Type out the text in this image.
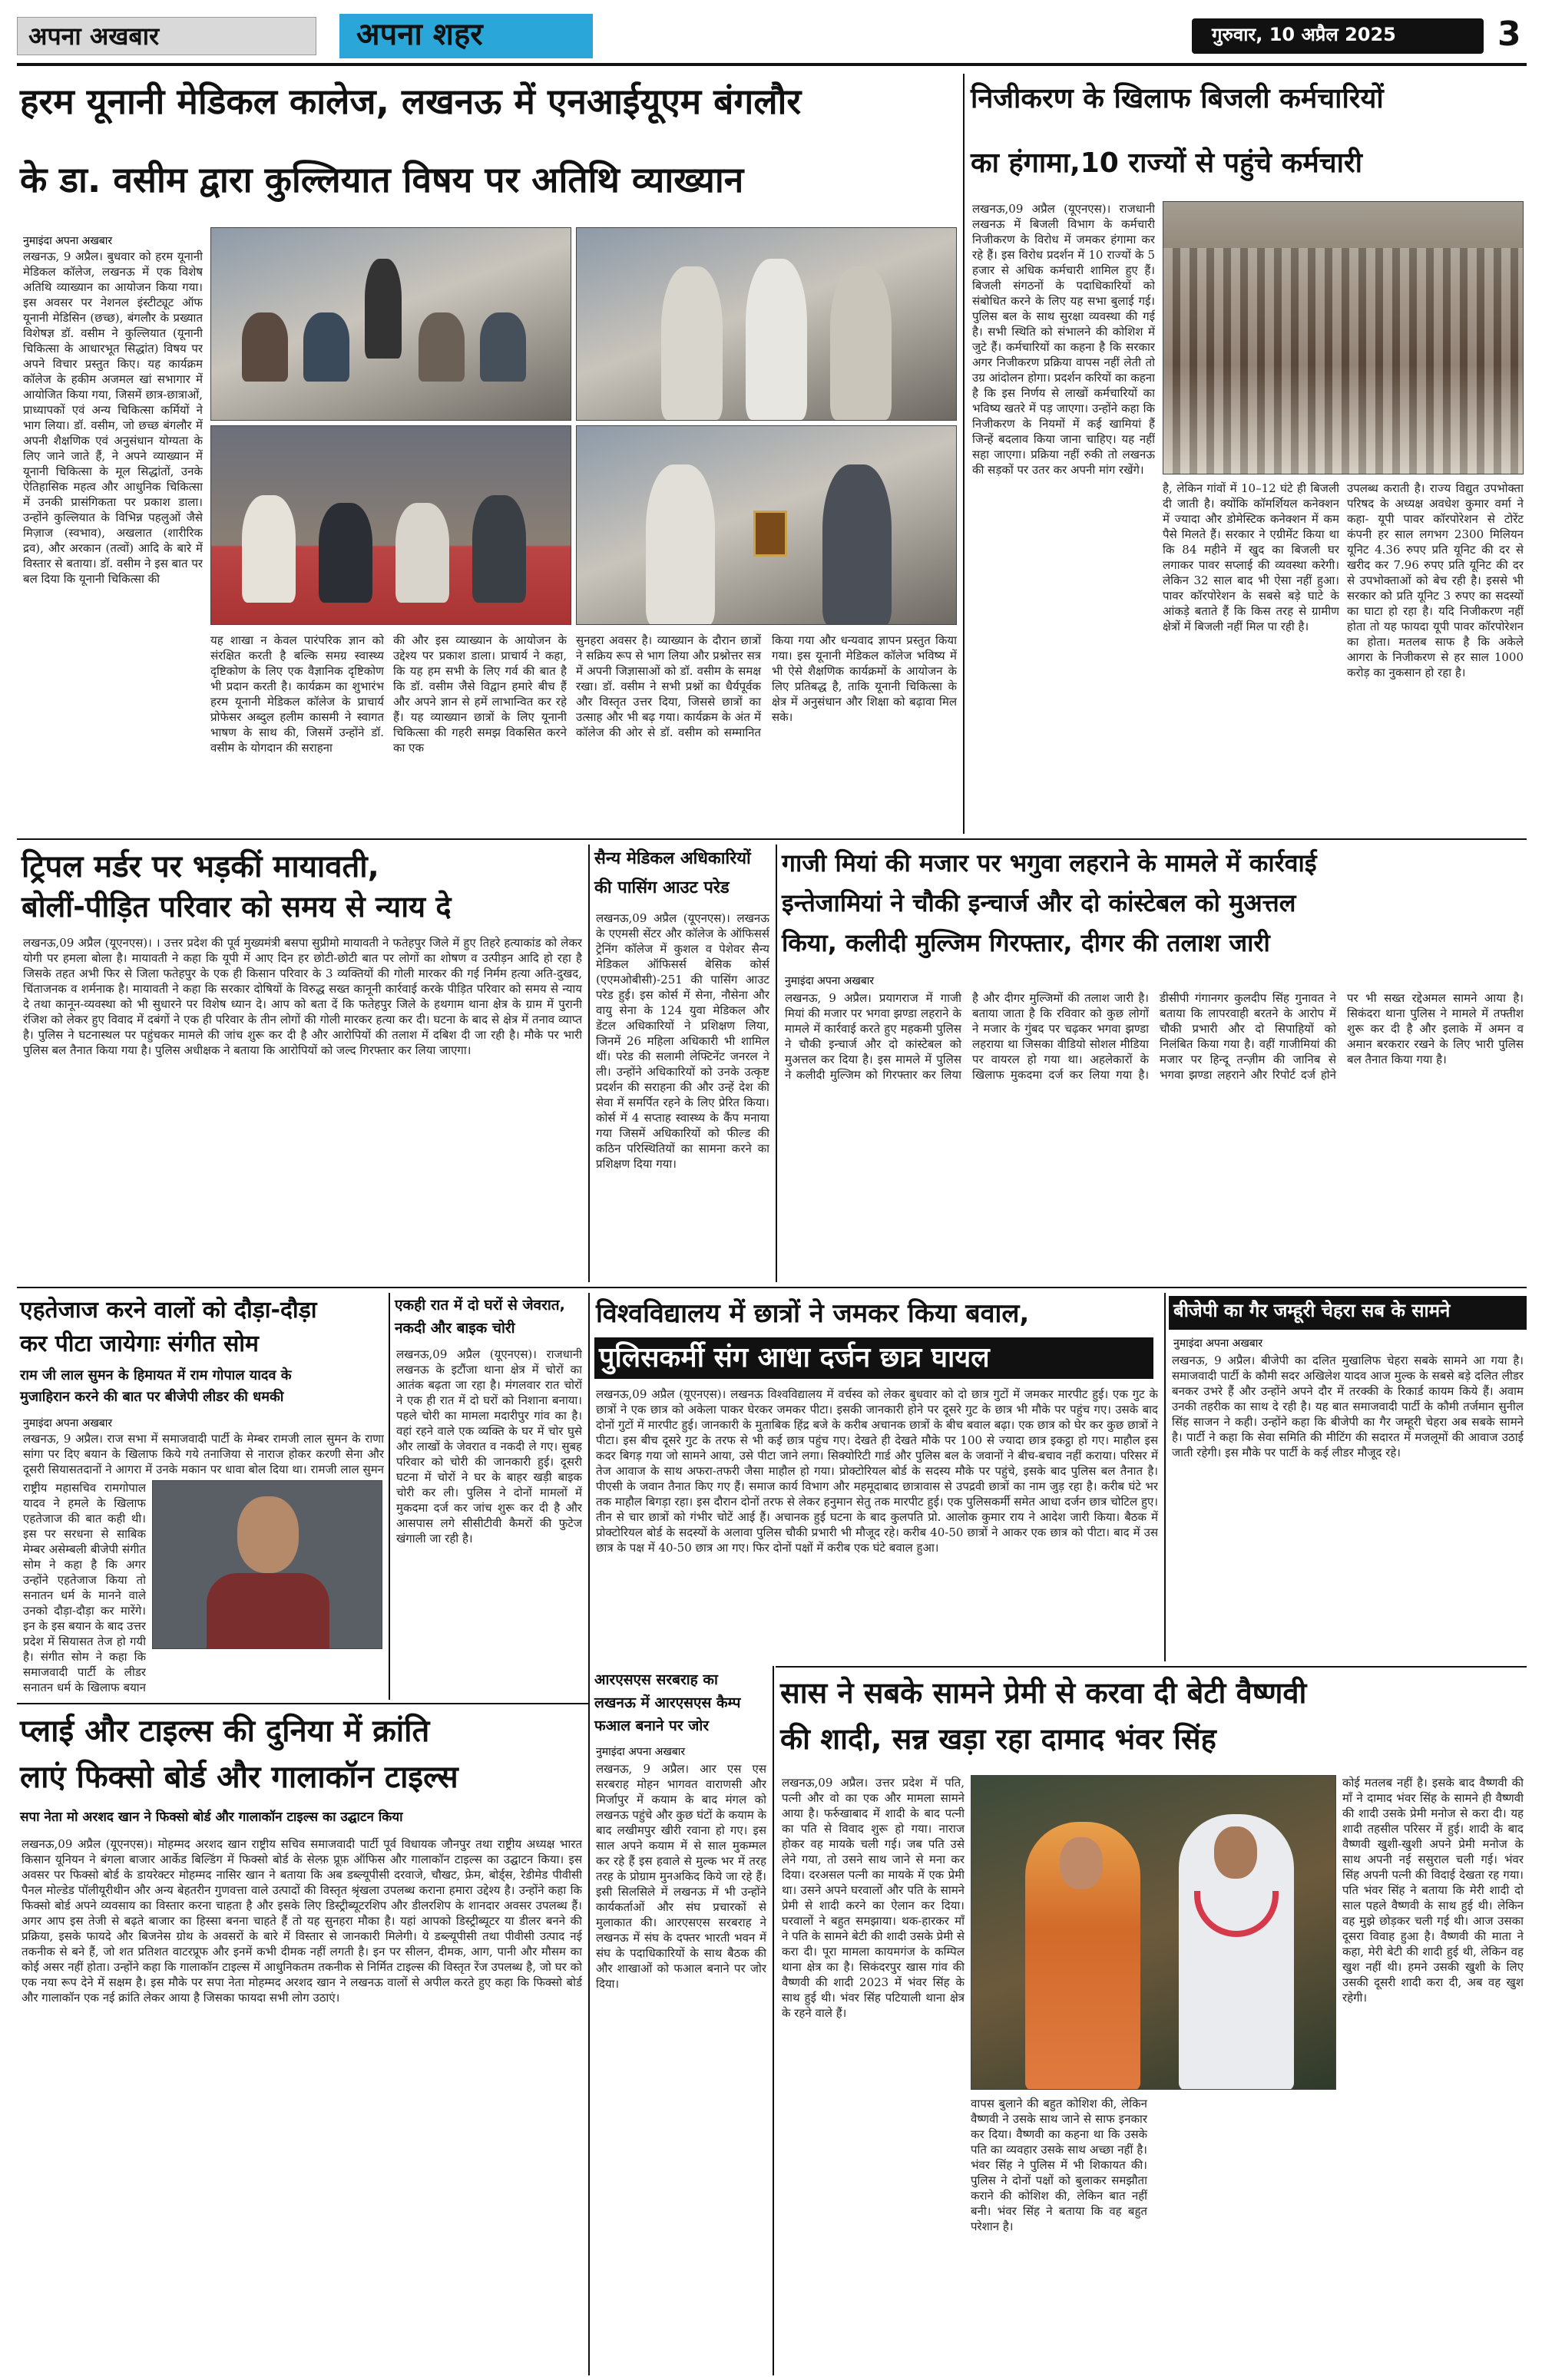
अपना अखबार	अपना शहर	गुरुवार, 10 अप्रैल 2025	3
हरम यूनानी मेडिकल कालेज, लखनऊ में एनआईयूएम बंगलौर
के डा. वसीम द्वारा कुल्लियात विषय पर अतिथि व्याख्यान
नुमाइंदा अपना अखबार
लखनऊ, 9 अप्रैल। बुधवार को हरम यूनानी मेडिकल कॉलेज, लखनऊ में एक विशेष अतिथि व्याख्यान का आयोजन किया गया। इस अवसर पर नेशनल इंस्टीट्यूट ऑफ यूनानी मेडिसिन (छच्छ), बंगलौर के प्रख्यात विशेषज्ञ डॉ. वसीम ने कुल्लियात (यूनानी चिकित्सा के आधारभूत सिद्धांत) विषय पर अपने विचार प्रस्तुत किए। यह कार्यक्रम कॉलेज के हकीम अजमल खां सभागार में आयोजित किया गया, जिसमें छात्र-छात्राओं, प्राध्यापकों एवं अन्य चिकित्सा कर्मियों ने भाग लिया। डॉ. वसीम, जो छच्छ बंगलौर में अपनी शैक्षणिक एवं अनुसंधान योग्यता के लिए जाने जाते हैं, ने अपने व्याख्यान में यूनानी चिकित्सा के मूल सिद्धांतों, उनके ऐतिहासिक महत्व और आधुनिक चिकित्सा में उनकी प्रासंगिकता पर प्रकाश डाला। उन्होंने कुल्लियात के विभिन्न पहलुओं जैसे मिज़ाज (स्वभाव), अखलात (शारीरिक द्रव), और अरकान (तत्वों) आदि के बारे में विस्तार से बताया। डॉ. वसीम ने इस बात पर बल दिया कि यूनानी चिकित्सा की
यह शाखा न केवल पारंपरिक ज्ञान को संरक्षित करती है बल्कि समग्र स्वास्थ्य दृष्टिकोण के लिए एक वैज्ञानिक दृष्टिकोण भी प्रदान करती है। कार्यक्रम का शुभारंभ हरम यूनानी मेडिकल कॉलेज के प्राचार्य प्रोफेसर अब्दुल हलीम कासमी ने स्वागत भाषण के साथ की, जिसमें उन्होंने डॉ. वसीम के योगदान की सराहना
की और इस व्याख्यान के आयोजन के उद्देश्य पर प्रकाश डाला। प्राचार्य ने कहा, कि यह हम सभी के लिए गर्व की बात है कि डॉ. वसीम जैसे विद्वान हमारे बीच हैं और अपने ज्ञान से हमें लाभान्वित कर रहे हैं। यह व्याख्यान छात्रों के लिए यूनानी चिकित्सा की गहरी समझ विकसित करने का एक
सुनहरा अवसर है। व्याख्यान के दौरान छात्रों ने सक्रिय रूप से भाग लिया और प्रश्नोत्तर सत्र में अपनी जिज्ञासाओं को डॉ. वसीम के समक्ष रखा। डॉ. वसीम ने सभी प्रश्नों का धैर्यपूर्वक और विस्तृत उत्तर दिया, जिससे छात्रों का उत्साह और भी बढ़ गया। कार्यक्रम के अंत में कॉलेज की ओर से डॉ. वसीम को सम्मानित किया गया और धन्यवाद ज्ञापन प्रस्तुत किया गया। इस यूनानी मेडिकल कॉलेज भविष्य में भी ऐसे शैक्षणिक कार्यक्रमों के आयोजन के लिए प्रतिबद्ध है, ताकि यूनानी चिकित्सा के क्षेत्र में अनुसंधान और शिक्षा को बढ़ावा मिल सके।
निजीकरण के खिलाफ बिजली कर्मचारियों
का हंगामा,10 राज्यों से पहुंचे कर्मचारी
लखनऊ,09 अप्रैल (यूएनएस)। राजधानी लखनऊ में बिजली विभाग के कर्मचारी निजीकरण के विरोध में जमकर हंगामा कर रहे हैं। इस विरोध प्रदर्शन में 10 राज्यों के 5 हजार से अधिक कर्मचारी शामिल हुए हैं। बिजली संगठनों के पदाधिकारियों को संबोधित करने के लिए यह सभा बुलाई गई। पुलिस बल के साथ सुरक्षा व्यवस्था की गई है। सभी स्थिति को संभालने की कोशिश में जुटे हैं। कर्मचारियों का कहना है कि सरकार अगर निजीकरण प्रक्रिया वापस नहीं लेती तो उग्र आंदोलन होगा। प्रदर्शन करियों का कहना है कि इस निर्णय से लाखों कर्मचारियों का भविष्य खतरे में पड़ जाएगा। उन्होंने कहा कि निजीकरण के नियमों में कई खामियां हैं जिन्हें बदलाव किया जाना चाहिए। यह नहीं सहा जाएगा। प्रक्रिया नहीं रुकी तो लखनऊ की सड़कों पर उतर कर अपनी मांग रखेंगे।
है, लेकिन गांवों में 10–12 घंटे ही बिजली दी जाती है। क्योंकि कॉमर्शियल कनेक्शन में ज्यादा और डोमेस्टिक कनेक्शन में कम पैसे मिलते हैं। सरकार ने एग्रीमेंट किया था कि 84 महीने में खुद का बिजली घर लगाकर पावर सप्लाई की व्यवस्था करेगी। लेकिन 32 साल बाद भी ऐसा नहीं हुआ। पावर कॉरपोरेशन के सबसे बड़े घाटे के आंकड़े बताते हैं कि किस तरह से ग्रामीण क्षेत्रों में बिजली नहीं मिल पा रही है।
उपलब्ध कराती है। राज्य विद्युत उपभोक्ता परिषद के अध्यक्ष अवधेश कुमार वर्मा ने कहा- यूपी पावर कॉरपोरेशन से टोरेंट कंपनी हर साल लगभग 2300 मिलियन यूनिट 4.36 रुपए प्रति यूनिट की दर से खरीद कर 7.96 रुपए प्रति यूनिट की दर से उपभोक्ताओं को बेच रही है। इससे भी सरकार को प्रति यूनिट 3 रुपए का सदस्यों का घाटा हो रहा है। यदि निजीकरण नहीं होता तो यह फायदा यूपी पावर कॉरपोरेशन का होता। मतलब साफ है कि अकेले आगरा के निजीकरण से हर साल 1000 करोड़ का नुकसान हो रहा है।
ट्रिपल मर्डर पर भड़कीं मायावती,
बोलीं-पीड़ित परिवार को समय से न्याय दे
लखनऊ,09 अप्रैल (यूएनएस)। । उत्तर प्रदेश की पूर्व मुख्यमंत्री बसपा सुप्रीमो मायावती ने फतेहपुर जिले में हुए तिहरे हत्याकांड को लेकर योगी पर हमला बोला है। मायावती ने कहा कि यूपी में आए दिन हर छोटी-छोटी बात पर लोगों का शोषण व उत्पीड़न आदि हो रहा है जिसके तहत अभी फिर से जिला फतेहपुर के एक ही किसान परिवार के 3 व्यक्तियों की गोली मारकर की गई निर्मम हत्या अति-दुखद, चिंताजनक व शर्मनाक है। मायावती ने कहा कि सरकार दोषियों के विरुद्ध सख्त कानूनी कार्रवाई करके पीड़ित परिवार को समय से न्याय दे तथा कानून-व्यवस्था को भी सुधारने पर विशेष ध्यान दे। आप को बता दें कि फतेहपुर जिले के हथगाम थाना क्षेत्र के ग्राम में पुरानी रंजिश को लेकर हुए विवाद में दबंगों ने एक ही परिवार के तीन लोगों की गोली मारकर हत्या कर दी। घटना के बाद से क्षेत्र में तनाव व्याप्त है। पुलिस ने घटनास्थल पर पहुंचकर मामले की जांच शुरू कर दी है और आरोपियों की तलाश में दबिश दी जा रही है। मौके पर भारी पुलिस बल तैनात किया गया है। पुलिस अधीक्षक ने बताया कि आरोपियों को जल्द गिरफ्तार कर लिया जाएगा।
सैन्य मेडिकल अधिकारियों
की पासिंग आउट परेड
लखनऊ,09 अप्रैल (यूएनएस)। लखनऊ के एएमसी सेंटर और कॉलेज के ऑफिसर्स ट्रेनिंग कॉलेज में कुशल व पेशेवर सैन्य मेडिकल ऑफिसर्स बेसिक कोर्स (एएमओबीसी)-251 की पासिंग आउट परेड हुई। इस कोर्स में सेना, नौसेना और वायु सेना के 124 युवा मेडिकल और डेंटल अधिकारियों ने प्रशिक्षण लिया, जिनमें 26 महिला अधिकारी भी शामिल थीं। परेड की सलामी लेफ्टिनेंट जनरल ने ली। उन्होंने अधिकारियों को उनके उत्कृष्ट प्रदर्शन की सराहना की और उन्हें देश की सेवा में समर्पित रहने के लिए प्रेरित किया। कोर्स में 4 सप्ताह स्वास्थ्य के कैंप मनाया गया जिसमें अधिकारियों को फील्ड की कठिन परिस्थितियों का सामना करने का प्रशिक्षण दिया गया।
गाजी मियां की मजार पर भगुवा लहराने के मामले में कार्रवाई
इन्तेजामियां ने चौकी इन्चार्ज और दो कांस्टेबल को मुअत्तल
किया, कलीदी मुल्जिम गिरफ्तार, दीगर की तलाश जारी
नुमाइंदा अपना अखबार
लखनऊ, 9 अप्रैल। प्रयागराज में गाजी मियां की मजार पर भगवा झण्डा लहराने के मामले में कार्रवाई करते हुए महकमी पुलिस ने चौकी इन्चार्ज और दो कांस्टेबल को मुअत्तल कर दिया है। इस मामले में पुलिस ने कलीदी मुल्जिम को गिरफ्तार कर लिया है और दीगर मुल्जिमों की तलाश जारी है। बताया जाता है कि रविवार को कुछ लोगों ने मजार के गुंबद पर चढ़कर भगवा झण्डा लहराया था जिसका वीडियो सोशल मीडिया पर वायरल हो गया था। अहलेकारों के खिलाफ मुकदमा दर्ज कर लिया गया है। डीसीपी गंगानगर कुलदीप सिंह गुनावत ने बताया कि लापरवाही बरतने के आरोप में चौकी प्रभारी और दो सिपाहियों को निलंबित किया गया है। वहीं गाजीमियां की मजार पर हिन्दू तन्ज़ीम की जानिब से भगवा झण्डा लहराने और रिपोर्ट दर्ज होने पर भी सख्त रद्देअमल सामने आया है। सिकंदरा थाना पुलिस ने मामले में तफ्तीश शुरू कर दी है और इलाके में अमन व अमान बरकरार रखने के लिए भारी पुलिस बल तैनात किया गया है।
एहतेजाज करने वालों को दौड़ा-दौड़ा
कर पीटा जायेगाः संगीत सोम
राम जी लाल सुमन के हिमायत में राम गोपाल यादव के
मुजाहिरान करने की बात पर बीजेपी लीडर की धमकी
नुमाइंदा अपना अखबार
लखनऊ, 9 अप्रैल। राज सभा में समाजवादी पार्टी के मेम्बर रामजी लाल सुमन के राणा सांगा पर दिए बयान के खिलाफ किये गये तनाजिया से नाराज होकर करणी सेना और दूसरी सियासतदानों ने आगरा में उनके मकान पर धावा बोल दिया था। रामजी लाल सुमन
राष्ट्रीय महासचिव रामगोपाल यादव ने हमले के खिलाफ एहतेजाज की बात कही थी। इस पर सरधना से साबिक मेम्बर असेम्बली बीजेपी संगीत सोम ने कहा है कि अगर उन्होंने एहतेजाज किया तो सनातन धर्म के मानने वाले उनको दौड़ा-दौड़ा कर मारेंगे। इन के इस बयान के बाद उत्तर प्रदेश में सियासत तेज हो गयी है। संगीत सोम ने कहा कि समाजवादी पार्टी के लीडर सनातन धर्म के खिलाफ बयान
एकही रात में दो घरों से जेवरात,
नकदी और बाइक चोरी
लखनऊ,09 अप्रैल (यूएनएस)। राजधानी लखनऊ के इटौंजा थाना क्षेत्र में चोरों का आतंक बढ़ता जा रहा है। मंगलवार रात चोरों ने एक ही रात में दो घरों को निशाना बनाया। पहले चोरी का मामला मदारीपुर गांव का है। वहां रहने वाले एक व्यक्ति के घर में चोर घुसे और लाखों के जेवरात व नकदी ले गए। सुबह परिवार को चोरी की जानकारी हुई। दूसरी घटना में चोरों ने घर के बाहर खड़ी बाइक चोरी कर ली। पुलिस ने दोनों मामलों में मुकदमा दर्ज कर जांच शुरू कर दी है और आसपास लगे सीसीटीवी कैमरों की फुटेज खंगाली जा रही है।
विश्वविद्यालय में छात्रों ने जमकर किया बवाल,
पुलिसकर्मी संग आधा दर्जन छात्र घायल
लखनऊ,09 अप्रैल (यूएनएस)। लखनऊ विश्वविद्यालय में वर्चस्व को लेकर बुधवार को दो छात्र गुटों में जमकर मारपीट हुई। एक गुट के छात्रों ने एक छात्र को अकेला पाकर घेरकर जमकर पीटा। इसकी जानकारी होने पर दूसरे गुट के छात्र भी मौके पर पहुंच गए। उसके बाद दोनों गुटों में मारपीट हुई। जानकारी के मुताबिक हिंद्र बजे के करीब अचानक छात्रों के बीच बवाल बढ़ा। एक छात्र को घेर कर कुछ छात्रों ने पीटा। इस बीच दूसरे गुट के तरफ से भी कई छात्र पहुंच गए। देखते ही देखते मौके पर 100 से ज्यादा छात्र इकट्ठा हो गए। माहौल इस कदर बिगड़ गया जो सामने आया, उसे पीटा जाने लगा। सिक्योरिटी गार्ड और पुलिस बल के जवानों ने बीच-बचाव नहीं कराया। परिसर में तेज आवाज के साथ अफरा-तफरी जैसा माहौल हो गया। प्रोक्टोरियल बोर्ड के सदस्य मौके पर पहुंचे, इसके बाद पुलिस बल तैनात है। पीएसी के जवान तैनात किए गए हैं। समाज कार्य विभाग और महमूदाबाद छात्रावास से उपद्रवी छात्रों का नाम जुड़ रहा है। करीब घंटे भर तक माहौल बिगड़ा रहा। इस दौरान दोनों तरफ से लेकर हनुमान सेतु तक मारपीट हुई। एक पुलिसकर्मी समेत आधा दर्जन छात्र चोटिल हुए। तीन से चार छात्रों को गंभीर चोटें आई हैं। अचानक हुई घटना के बाद कुलपति प्रो. आलोक कुमार राय ने आदेश जारी किया। बैठक में प्रोक्टोरियल बोर्ड के सदस्यों के अलावा पुलिस चौकी प्रभारी भी मौजूद रहे। करीब 40-50 छात्रों ने आकर एक छात्र को पीटा। बाद में उस छात्र के पक्ष में 40-50 छात्र आ गए। फिर दोनों पक्षों में करीब एक घंटे बवाल हुआ।
बीजेपी का गैर जम्हूरी चेहरा सब के सामने
नुमाइंदा अपना अखबार
लखनऊ, 9 अप्रैल। बीजेपी का दलित मुखालिफ चेहरा सबके सामने आ गया है। समाजवादी पार्टी के कौमी सदर अखिलेश यादव आज मुल्क के सबसे बड़े दलित लीडर बनकर उभरे हैं और उन्होंने अपने दौर में तरक्की के रिकार्ड कायम किये हैं। अवाम उनकी तहरीक का साथ दे रही है। यह बात समाजवादी पार्टी के कौमी तर्जमान सुनील सिंह साजन ने कही। उन्होंने कहा कि बीजेपी का गैर जम्हूरी चेहरा अब सबके सामने है। पार्टी ने कहा कि सेवा समिति की मीटिंग की सदारत में मजलूमों की आवाज उठाई जाती रहेगी। इस मौके पर पार्टी के कई लीडर मौजूद रहे।
प्लाई और टाइल्स की दुनिया में क्रांति
लाएं फिक्सो बोर्ड और गालाकॉन टाइल्स
सपा नेता मो अरशद खान ने फिक्सो बोर्ड और गालाकॉन टाइल्स का उद्घाटन किया
लखनऊ,09 अप्रैल (यूएनएस)। मोहम्मद अरशद खान राष्ट्रीय सचिव समाजवादी पार्टी पूर्व विधायक जौनपुर तथा राष्ट्रीय अध्यक्ष भारत किसान यूनियन ने बंगला बाजार आर्केड बिल्डिंग में फिक्सो बोर्ड के सेल्फ़ प्रूफ़ ऑफिस और गालाकॉन टाइल्स का उद्घाटन किया। इस अवसर पर फिक्सो बोर्ड के डायरेक्टर मोहम्मद नासिर खान ने बताया कि अब डब्ल्यूपीसी दरवाजे, चौखट, फ्रेम, बोर्ड्स, रेडीमेड पीवीसी पैनल मोल्डेड पॉलीयूरीथीन और अन्य बेहतरीन गुणवत्ता वाले उत्पादों की विस्तृत श्रृंखला उपलब्ध कराना हमारा उद्देश्य है। उन्होंने कहा कि फिक्सो बोर्ड अपने व्यवसाय का विस्तार करना चाहता है और इसके लिए डिस्ट्रीब्यूटरशिप और डीलरशिप के शानदार अवसर उपलब्ध हैं। अगर आप इस तेजी से बढ़ते बाजार का हिस्सा बनना चाहते हैं तो यह सुनहरा मौका है। यहां आपको डिस्ट्रीब्यूटर या डीलर बनने की प्रक्रिया, इसके फायदे और बिजनेस ग्रोथ के अवसरों के बारे में विस्तार से जानकारी मिलेगी। ये डब्ल्यूपीसी तथा पीवीसी उत्पाद नई तकनीक से बने हैं, जो शत प्रतिशत वाटरप्रूफ और इनमें कभी दीमक नहीं लगती है। इन पर सीलन, दीमक, आग, पानी और मौसम का कोई असर नहीं होता। उन्होंने कहा कि गालाकॉन टाइल्स में आधुनिकतम तकनीक से निर्मित टाइल्स की विस्तृत रेंज उपलब्ध है, जो घर को एक नया रूप देने में सक्षम है। इस मौके पर सपा नेता मोहम्मद अरशद खान ने लखनऊ वालों से अपील करते हुए कहा कि फिक्सो बोर्ड और गालाकॉन एक नई क्रांति लेकर आया है जिसका फायदा सभी लोग उठाएं।
आरएसएस सरबराह का
लखनऊ में आरएसएस कैम्प
फआल बनाने पर जोर
नुमाइंदा अपना अखबार
लखनऊ, 9 अप्रैल। आर एस एस सरबराह मोहन भागवत वाराणसी और मिर्जापुर में कयाम के बाद मंगल को लखनऊ पहुंचे और कुछ घंटों के कयाम के बाद लखीमपुर खीरी रवाना हो गए। इस साल अपने कयाम में से साल मुकम्मल कर रहे हैं इस हवाले से मुल्क भर में तरह तरह के प्रोग्राम मुनअकिद किये जा रहे हैं। इसी सिलसिले में लखनऊ में भी उन्होंने कार्यकर्ताओं और संघ प्रचारकों से मुलाकात की। आरएसएस सरबराह ने लखनऊ में संघ के दफ्तर भारती भवन में संघ के पदाधिकारियों के साथ बैठक की और शाखाओं को फआल बनाने पर जोर दिया।
सास ने सबके सामने प्रेमी से करवा दी बेटी वैष्णवी
की शादी, सन्न खड़ा रहा दामाद भंवर सिंह
लखनऊ,09 अप्रैल। उत्तर प्रदेश में पति, पत्नी और वो का एक और मामला सामने आया है। फर्रुखाबाद में शादी के बाद पत्नी का पति से विवाद शुरू हो गया। नाराज होकर वह मायके चली गई। जब पति उसे लेने गया, तो उसने साथ जाने से मना कर दिया। दरअसल पत्नी का मायके में एक प्रेमी था। उसने अपने घरवालों और पति के सामने प्रेमी से शादी करने का ऐलान कर दिया। घरवालों ने बहुत समझाया। थक-हारकर माँ ने पति के सामने बेटी की शादी उसके प्रेमी से करा दी। पूरा मामला कायमगंज के कम्पिल थाना क्षेत्र का है। सिकंदरपुर खास गांव की वैष्णवी की शादी 2023 में भंवर सिंह के साथ हुई थी। भंवर सिंह पटियाली थाना क्षेत्र के रहने वाले हैं।
वापस बुलाने की बहुत कोशिश की, लेकिन वैष्णवी ने उसके साथ जाने से साफ इनकार कर दिया। वैष्णवी का कहना था कि उसके पति का व्यवहार उसके साथ अच्छा नहीं है। भंवर सिंह ने पुलिस में भी शिकायत की। पुलिस ने दोनों पक्षों को बुलाकर समझौता कराने की कोशिश की, लेकिन बात नहीं बनी। भंवर सिंह ने बताया कि वह बहुत परेशान है।
कोई मतलब नहीं है। इसके बाद वैष्णवी की माँ ने दामाद भंवर सिंह के सामने ही वैष्णवी की शादी उसके प्रेमी मनोज से करा दी। यह शादी तहसील परिसर में हुई। शादी के बाद वैष्णवी खुशी-खुशी अपने प्रेमी मनोज के साथ अपनी नई ससुराल चली गई। भंवर सिंह अपनी पत्नी की विदाई देखता रह गया। पति भंवर सिंह ने बताया कि मेरी शादी दो साल पहले वैष्णवी के साथ हुई थी। लेकिन वह मुझे छोड़कर चली गई थी। आज उसका दूसरा विवाह हुआ है। वैष्णवी की माता ने कहा, मेरी बेटी की शादी हुई थी, लेकिन वह खुश नहीं थी। हमने उसकी खुशी के लिए उसकी दूसरी शादी करा दी, अब वह खुश रहेगी।
